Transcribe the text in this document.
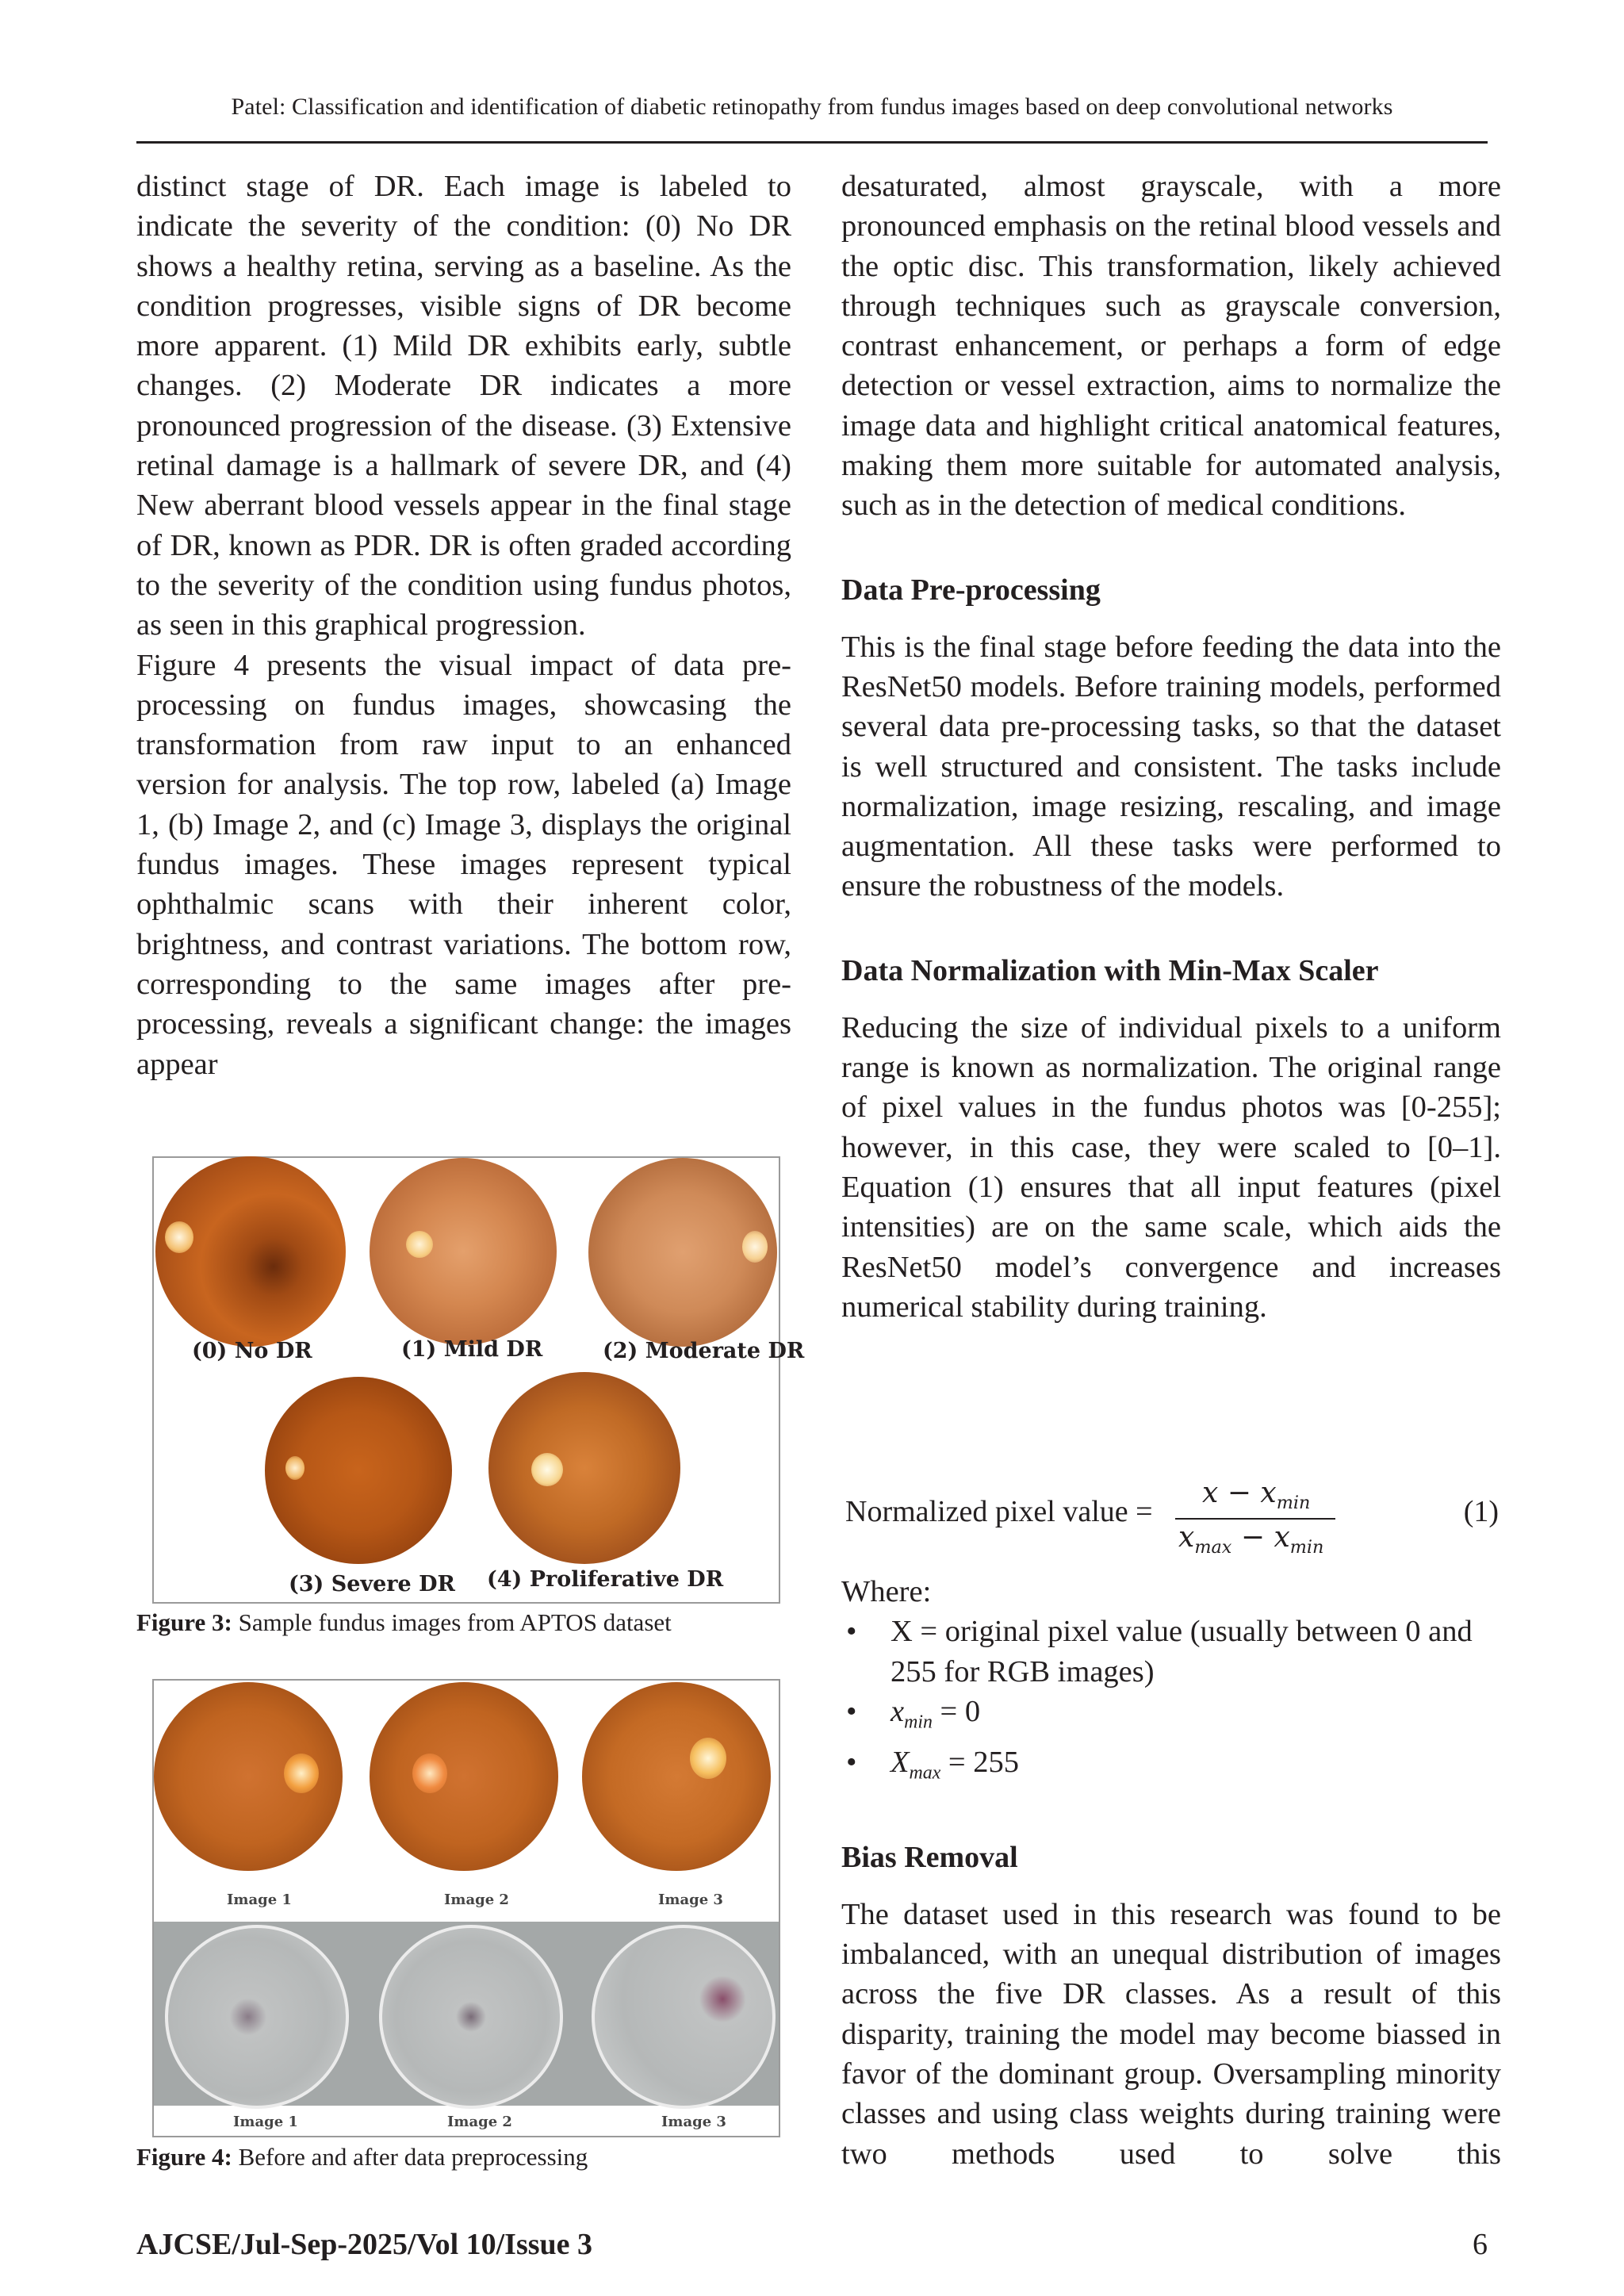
Patel: Classification and identification of diabetic retinopathy from fundus images based on deep convolutional networks

distinct stage of DR. Each image is labeled to indicate the severity of the condition: (0) No DR shows a healthy retina, serving as a baseline. As the condition progresses, visible signs of DR become more apparent. (1) Mild DR exhibits early, subtle changes. (2) Moderate DR indicates a more pronounced progression of the disease. (3) Extensive retinal damage is a hallmark of severe DR, and (4) New aberrant blood vessels appear in the final stage of DR, known as PDR. DR is often graded according to the severity of the condition using fundus photos, as seen in this graphical progression.

Figure 4 presents the visual impact of data pre-processing on fundus images, showcasing the transformation from raw input to an enhanced version for analysis. The top row, labeled (a) Image 1, (b) Image 2, and (c) Image 3, displays the original fundus images. These images represent typical ophthalmic scans with their inherent color, brightness, and contrast variations. The bottom row, corresponding to the same images after pre-processing, reveals a significant change: the images appear

(0) No DR	(1) Mild DR	(2) Moderate DR
(3) Severe DR (4) Proliferative DR
Figure 3: Sample fundus images from APTOS dataset
Image 1	Image 2	Image 3
Image 1	Image 2	Image 3
Figure 4: Before and after data preprocessing

desaturated, almost grayscale, with a more pronounced emphasis on the retinal blood vessels and the optic disc. This transformation, likely achieved through techniques such as grayscale conversion, contrast enhancement, or perhaps a form of edge detection or vessel extraction, aims to normalize the image data and highlight critical anatomical features, making them more suitable for automated analysis, such as in the detection of medical conditions.

Data Pre-processing

This is the final stage before feeding the data into the ResNet50 models. Before training models, performed several data pre-processing tasks, so that the dataset is well structured and consistent. The tasks include normalization, image resizing, rescaling, and image augmentation. All these tasks were performed to ensure the robustness of the models.

Data Normalization with Min-Max Scaler

Reducing the size of individual pixels to a uniform range is known as normalization. The original range of pixel values in the fundus photos was [0-255]; however, in this case, they were scaled to [0–1]. Equation (1) ensures that all input features (pixel intensities) are on the same scale, which aids the ResNet50 model’s convergence and increases numerical stability during training.

Normalized pixel value =
$x - x_{min}$
$x_{max} - x_{min}$
(1)

Where:

• X = original pixel value (usually between 0 and 255 for RGB images)
• $x_{min} = 0$
• $X_{max} = 255$
Bias Removal

The dataset used in this research was found to be imbalanced, with an unequal distribution of images across the five DR classes. As a result of this disparity, training the model may become biassed in favor of the dominant group. Oversampling minority classes and using class weights during training were two methods used to solve this

AJCSE/Jul-Sep-2025/Vol 10/Issue 3	6
